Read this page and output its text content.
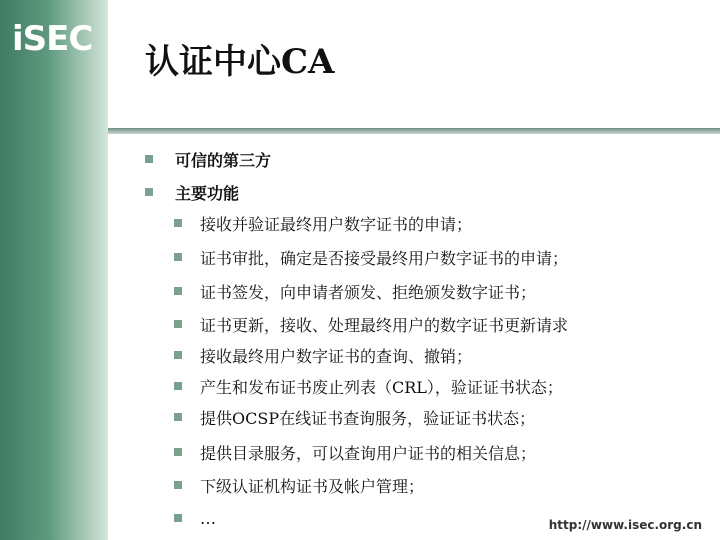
iSEC
认证中心CA
可信的第三方
主要功能
接收并验证最终用户数字证书的申请；
证书审批，确定是否接受最终用户数字证书的申请；
证书签发，向申请者颁发、拒绝颁发数字证书；
证书更新，接收、处理最终用户的数字证书更新请求
接收最终用户数字证书的查询、撤销；
产生和发布证书废止列表（CRL），验证证书状态；
提供OCSP在线证书查询服务，验证证书状态；
提供目录服务，可以查询用户证书的相关信息；
下级认证机构证书及帐户管理；
…	http://www.isec.org.cn
